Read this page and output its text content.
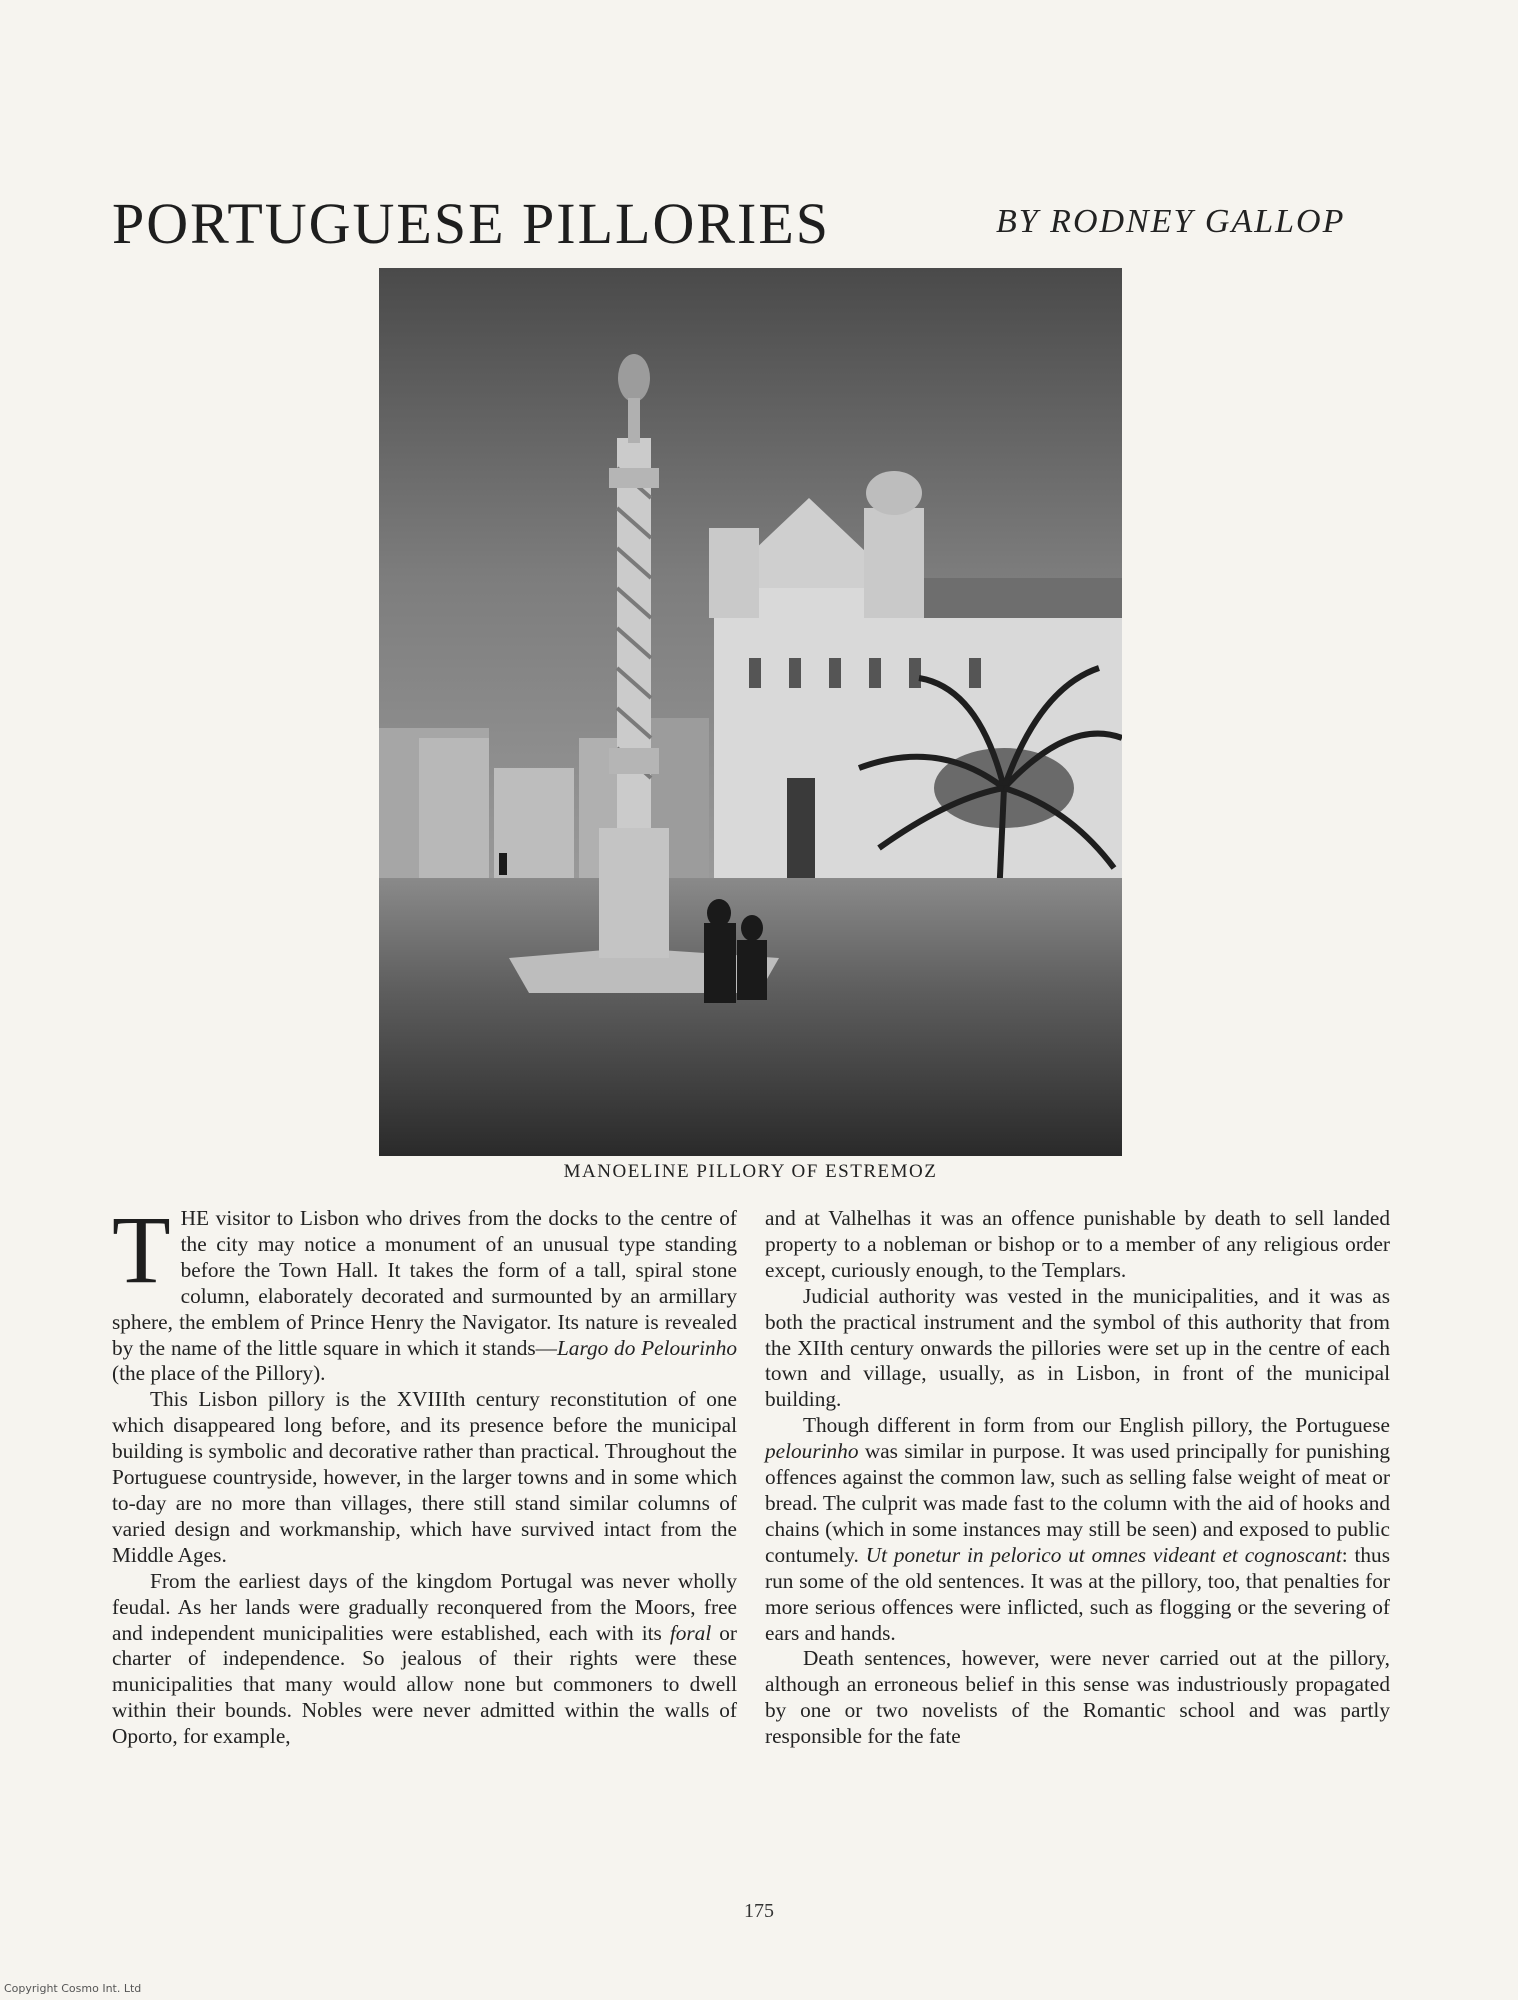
PORTUGUESE PILLORIES	BY RODNEY GALLOP
MANOELINE PILLORY OF ESTREMOZ

THE visitor to Lisbon who drives from the docks to the centre of the city may notice a monument of an unusual type standing before the Town Hall. It takes the form of a tall, spiral stone column, elaborately decorated and surmounted by an armillary sphere, the emblem of Prince Henry the Navigator. Its nature is revealed by the name of the little square in which it stands—Largo do Pelourinho (the place of the Pillory).

This Lisbon pillory is the XVIIIth century reconstitution of one which disappeared long before, and its presence before the municipal building is symbolic and decorative rather than practical. Throughout the Portuguese countryside, however, in the larger towns and in some which to-day are no more than villages, there still stand similar columns of varied design and workmanship, which have survived intact from the Middle Ages.

From the earliest days of the kingdom Portugal was never wholly feudal. As her lands were gradually reconquered from the Moors, free and independent municipalities were established, each with its foral or charter of independence. So jealous of their rights were these municipalities that many would allow none but commoners to dwell within their bounds. Nobles were never admitted within the walls of Oporto, for example,

and at Valhelhas it was an offence punishable by death to sell landed property to a nobleman or bishop or to a member of any religious order except, curiously enough, to the Templars.

Judicial authority was vested in the municipalities, and it was as both the practical instrument and the symbol of this authority that from the XIIth century onwards the pillories were set up in the centre of each town and village, usually, as in Lisbon, in front of the municipal building.

Though different in form from our English pillory, the Portuguese pelourinho was similar in purpose. It was used principally for punishing offences against the common law, such as selling false weight of meat or bread. The culprit was made fast to the column with the aid of hooks and chains (which in some instances may still be seen) and exposed to public contumely. Ut ponetur in pelorico ut omnes videant et cognoscant: thus run some of the old sentences. It was at the pillory, too, that penalties for more serious offences were inflicted, such as flogging or the severing of ears and hands.

Death sentences, however, were never carried out at the pillory, although an erroneous belief in this sense was industriously propagated by one or two novelists of the Romantic school and was partly responsible for the fate

175
Copyright Cosmo Int. Ltd
